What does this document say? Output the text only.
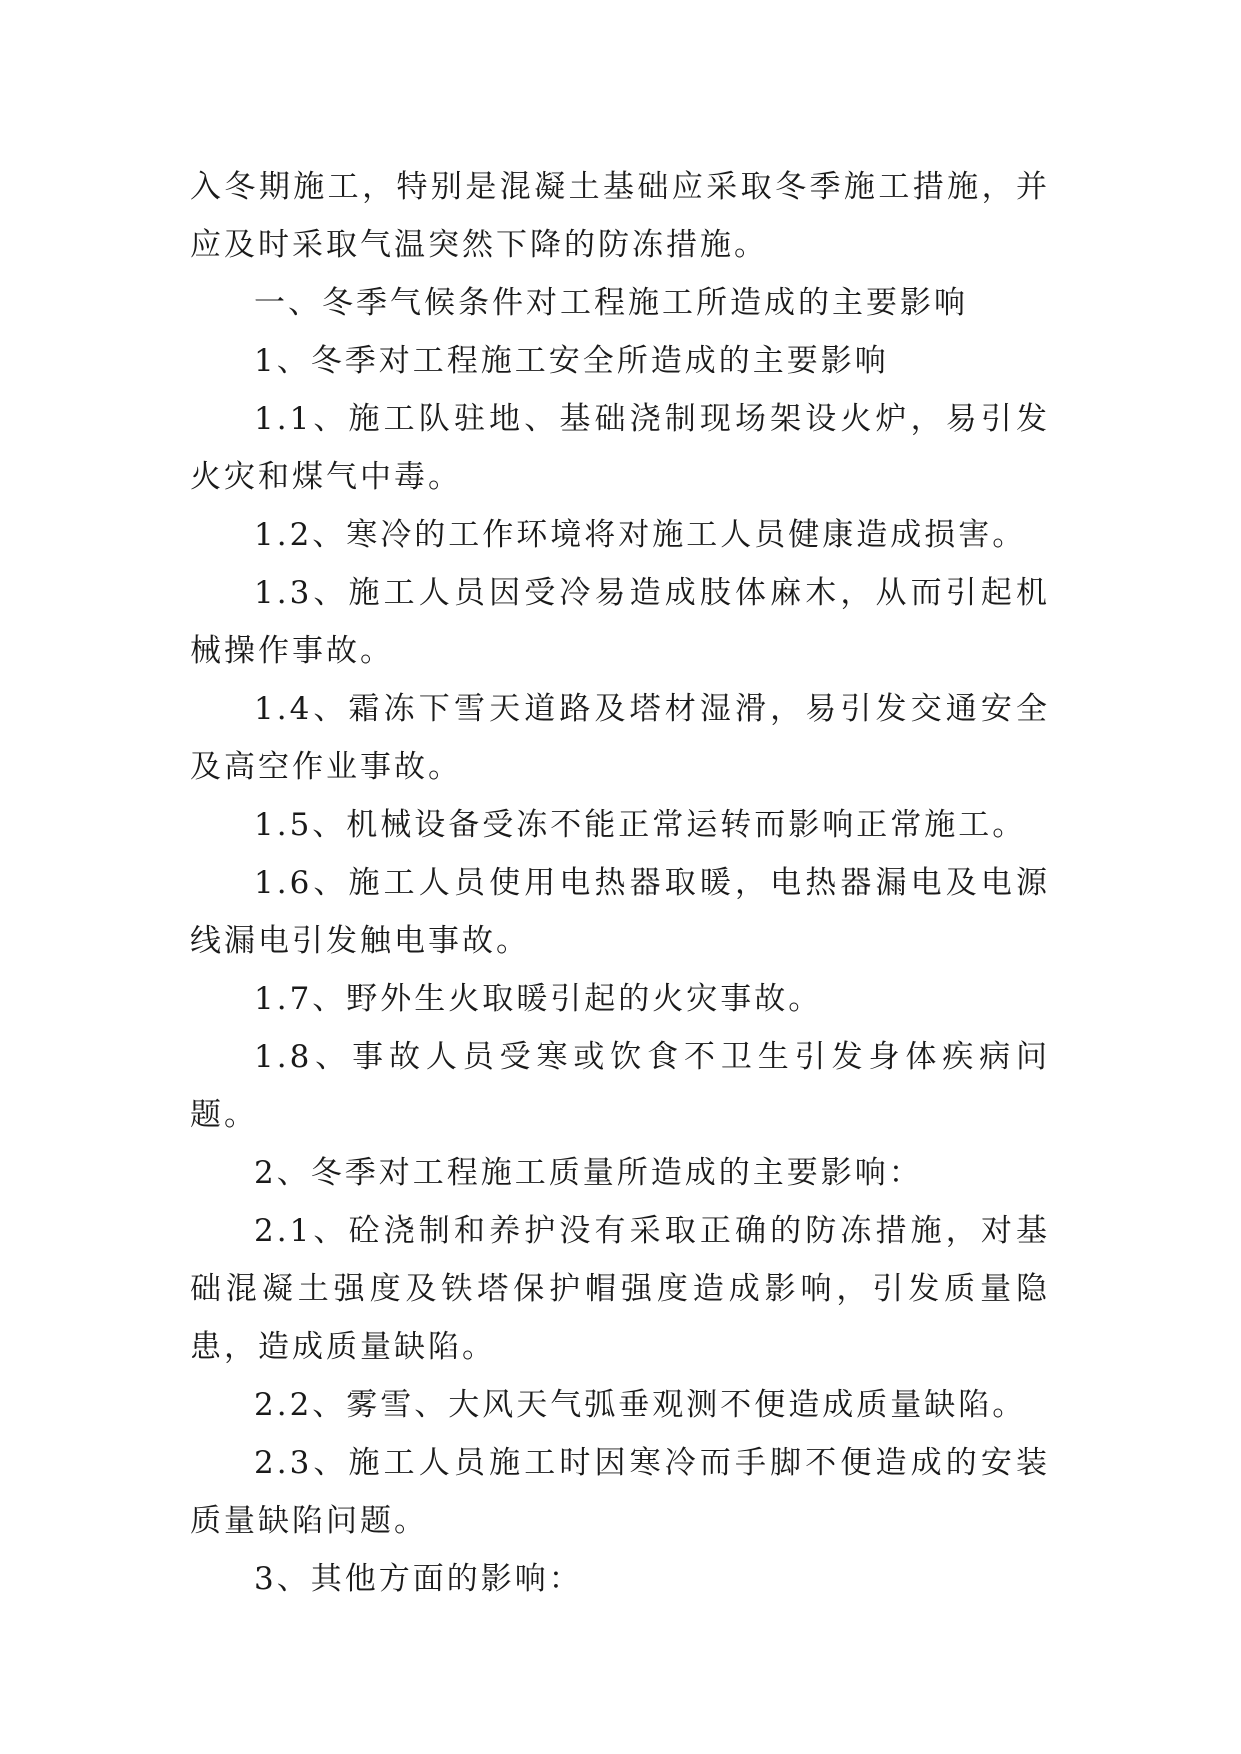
入冬期施工，特别是混凝土基础应采取冬季施工措施，并应及时采取气温突然下降的防冻措施。

一、冬季气候条件对工程施工所造成的主要影响

1、冬季对工程施工安全所造成的主要影响

1.1、施工队驻地、基础浇制现场架设火炉，易引发火灾和煤气中毒。

1.2、寒冷的工作环境将对施工人员健康造成损害。

1.3、施工人员因受冷易造成肢体麻木，从而引起机械操作事故。

1.4、霜冻下雪天道路及塔材湿滑，易引发交通安全及高空作业事故。

1.5、机械设备受冻不能正常运转而影响正常施工。

1.6、施工人员使用电热器取暖，电热器漏电及电源线漏电引发触电事故。

1.7、野外生火取暖引起的火灾事故。

1.8、事故人员受寒或饮食不卫生引发身体疾病问题。

2、冬季对工程施工质量所造成的主要影响：

2.1、砼浇制和养护没有采取正确的防冻措施，对基础混凝土强度及铁塔保护帽强度造成影响，引发质量隐患，造成质量缺陷。

2.2、雾雪、大风天气弧垂观测不便造成质量缺陷。

2.3、施工人员施工时因寒冷而手脚不便造成的安装质量缺陷问题。

3、其他方面的影响：
